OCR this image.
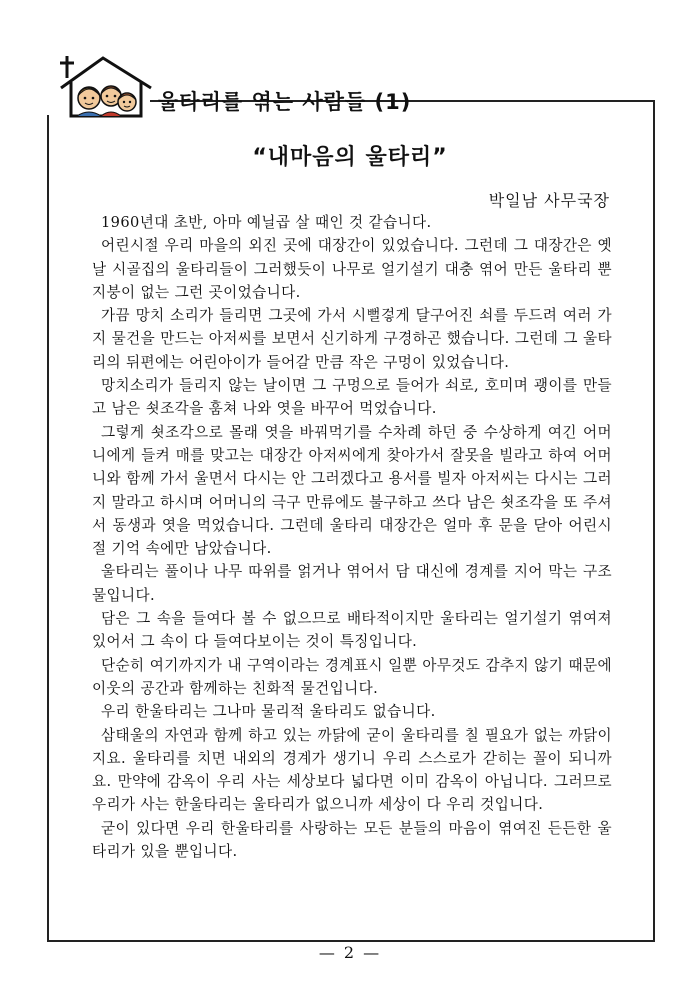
울타리를 엮는 사람들 (1)
“내마음의 울타리”
박일남 사무국장

1960년대 초반, 아마 예닐곱 살 때인 것 같습니다.

어린시절 우리 마을의 외진 곳에 대장간이 있었습니다. 그런데 그 대장간은 옛날 시골집의 울타리들이 그러했듯이 나무로 얼기설기 대충 엮어 만든 울타리 뿐 지붕이 없는 그런 곳이었습니다.

가끔 망치 소리가 들리면 그곳에 가서 시뻘겋게 달구어진 쇠를 두드려 여러 가지 물건을 만드는 아저씨를 보면서 신기하게 구경하곤 했습니다. 그런데 그 울타리의 뒤편에는 어린아이가 들어갈 만큼 작은 구멍이 있었습니다.

망치소리가 들리지 않는 날이면 그 구멍으로 들어가 쇠로, 호미며 괭이를 만들고 남은 쇳조각을 훔쳐 나와 엿을 바꾸어 먹었습니다.

그렇게 쇳조각으로 몰래 엿을 바꿔먹기를 수차례 하던 중 수상하게 여긴 어머니에게 들켜 매를 맞고는 대장간 아저씨에게 찾아가서 잘못을 빌라고 하여 어머니와 함께 가서 울면서 다시는 안 그러겠다고 용서를 빌자 아저씨는 다시는 그러지 말라고 하시며 어머니의 극구 만류에도 불구하고 쓰다 남은 쇳조각을 또 주셔서 동생과 엿을 먹었습니다. 그런데 울타리 대장간은 얼마 후 문을 닫아 어린시절 기억 속에만 남았습니다.

울타리는 풀이나 나무 따위를 얽거나 엮어서 담 대신에 경계를 지어 막는 구조물입니다.

담은 그 속을 들여다 볼 수 없으므로 배타적이지만 울타리는 얼기설기 엮여져 있어서 그 속이 다 들여다보이는 것이 특징입니다.

단순히 여기까지가 내 구역이라는 경계표시 일뿐 아무것도 감추지 않기 때문에 이웃의 공간과 함께하는 친화적 물건입니다.

우리 한울타리는 그나마 물리적 울타리도 없습니다.

삼태울의 자연과 함께 하고 있는 까닭에 굳이 울타리를 칠 필요가 없는 까닭이지요. 울타리를 치면 내외의 경계가 생기니 우리 스스로가 갇히는 꼴이 되니까요. 만약에 감옥이 우리 사는 세상보다 넓다면 이미 감옥이 아닙니다. 그러므로 우리가 사는 한울타리는 울타리가 없으니까 세상이 다 우리 것입니다.

굳이 있다면 우리 한울타리를 사랑하는 모든 분들의 마음이 엮여진 든든한 울타리가 있을 뿐입니다.

— 2 —
